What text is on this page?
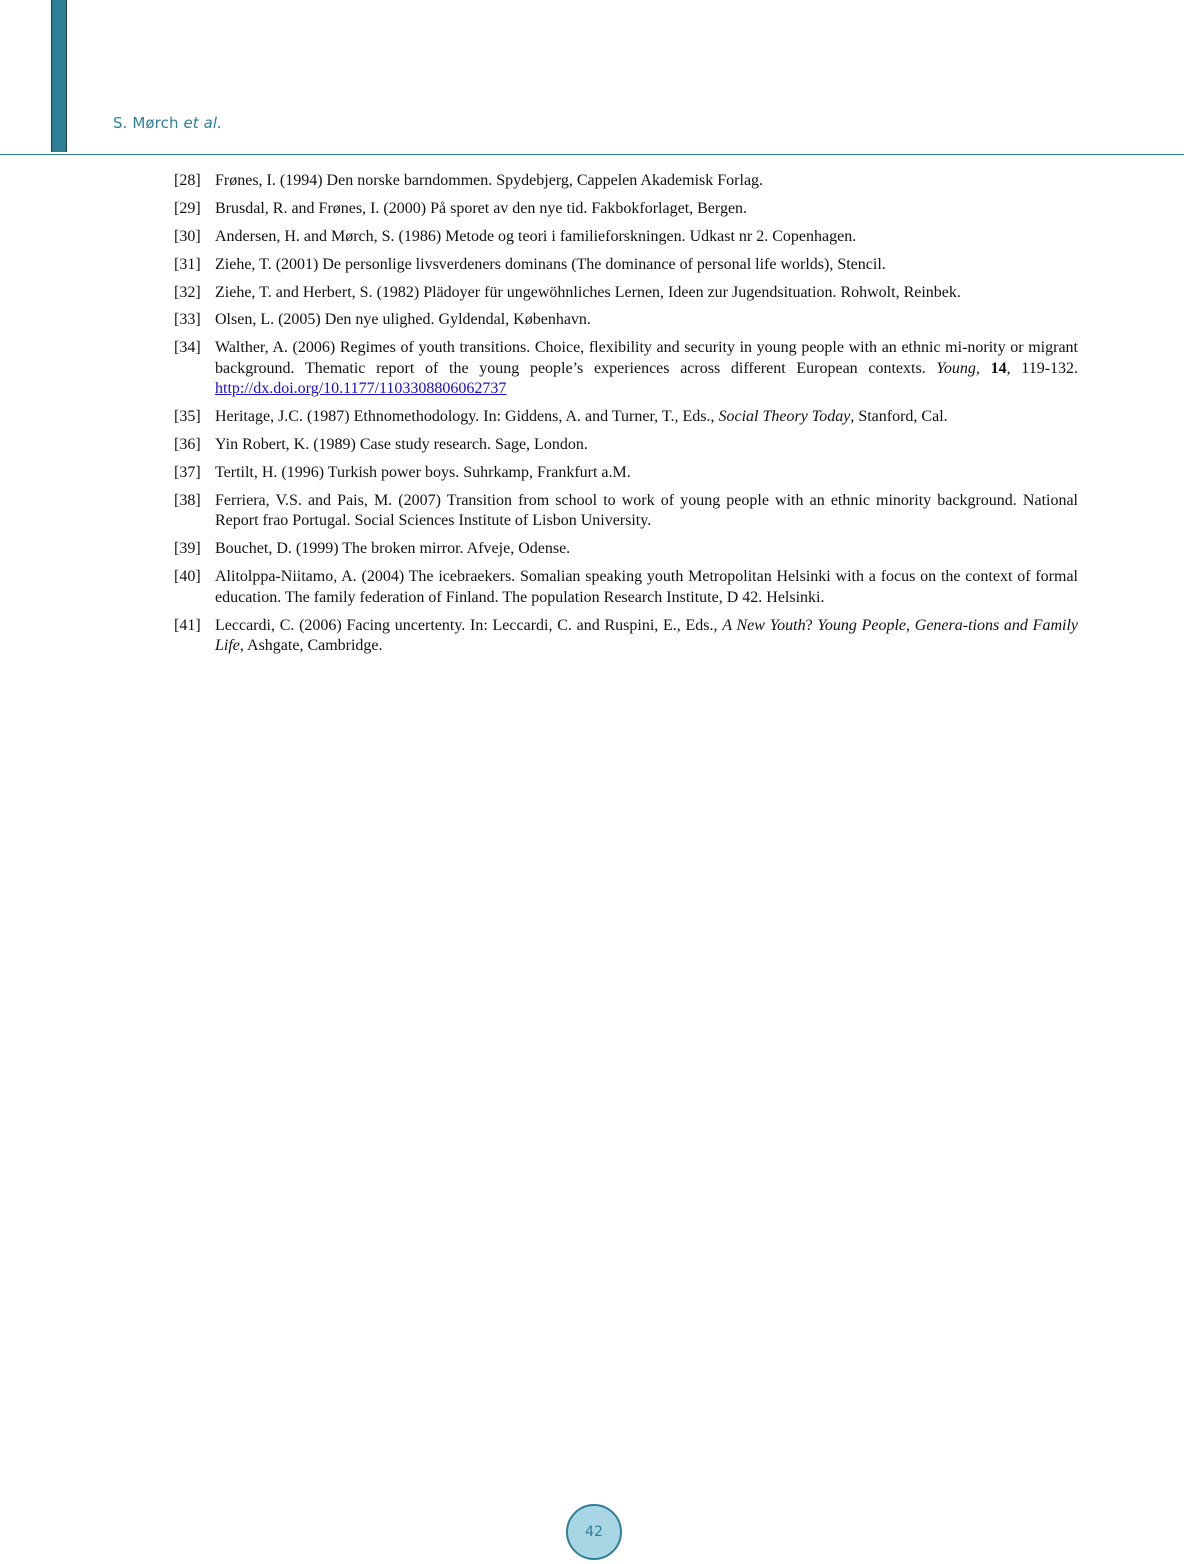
S. Mørch et al.
[28] Frønes, I. (1994) Den norske barndommen. Spydebjerg, Cappelen Akademisk Forlag.
[29] Brusdal, R. and Frønes, I. (2000) På sporet av den nye tid. Fakbokforlaget, Bergen.
[30] Andersen, H. and Mørch, S. (1986) Metode og teori i familieforskningen. Udkast nr 2. Copenhagen.
[31] Ziehe, T. (2001) De personlige livsverdeners dominans (The dominance of personal life worlds), Stencil.
[32] Ziehe, T. and Herbert, S. (1982) Plädoyer für ungewöhnliches Lernen, Ideen zur Jugendsituation. Rohwolt, Reinbek.
[33] Olsen, L. (2005) Den nye ulighed. Gyldendal, København.
[34] Walther, A. (2006) Regimes of youth transitions. Choice, flexibility and security in young people with an ethnic mi-nority or migrant background. Thematic report of the young people’s experiences across different European contexts. Young, 14, 119-132. http://dx.doi.org/10.1177/1103308806062737
[35] Heritage, J.C. (1987) Ethnomethodology. In: Giddens, A. and Turner, T., Eds., Social Theory Today, Stanford, Cal.
[36] Yin Robert, K. (1989) Case study research. Sage, London.
[37] Tertilt, H. (1996) Turkish power boys. Suhrkamp, Frankfurt a.M.
[38] Ferriera, V.S. and Pais, M. (2007) Transition from school to work of young people with an ethnic minority background. National Report frao Portugal. Social Sciences Institute of Lisbon University.
[39] Bouchet, D. (1999) The broken mirror. Afveje, Odense.
[40] Alitolppa-Niitamo, A. (2004) The icebraekers. Somalian speaking youth Metropolitan Helsinki with a focus on the context of formal education. The family federation of Finland. The population Research Institute, D 42. Helsinki.
[41] Leccardi, C. (2006) Facing uncertenty. In: Leccardi, C. and Ruspini, E., Eds., A New Youth? Young People, Genera-tions and Family Life, Ashgate, Cambridge.
42
